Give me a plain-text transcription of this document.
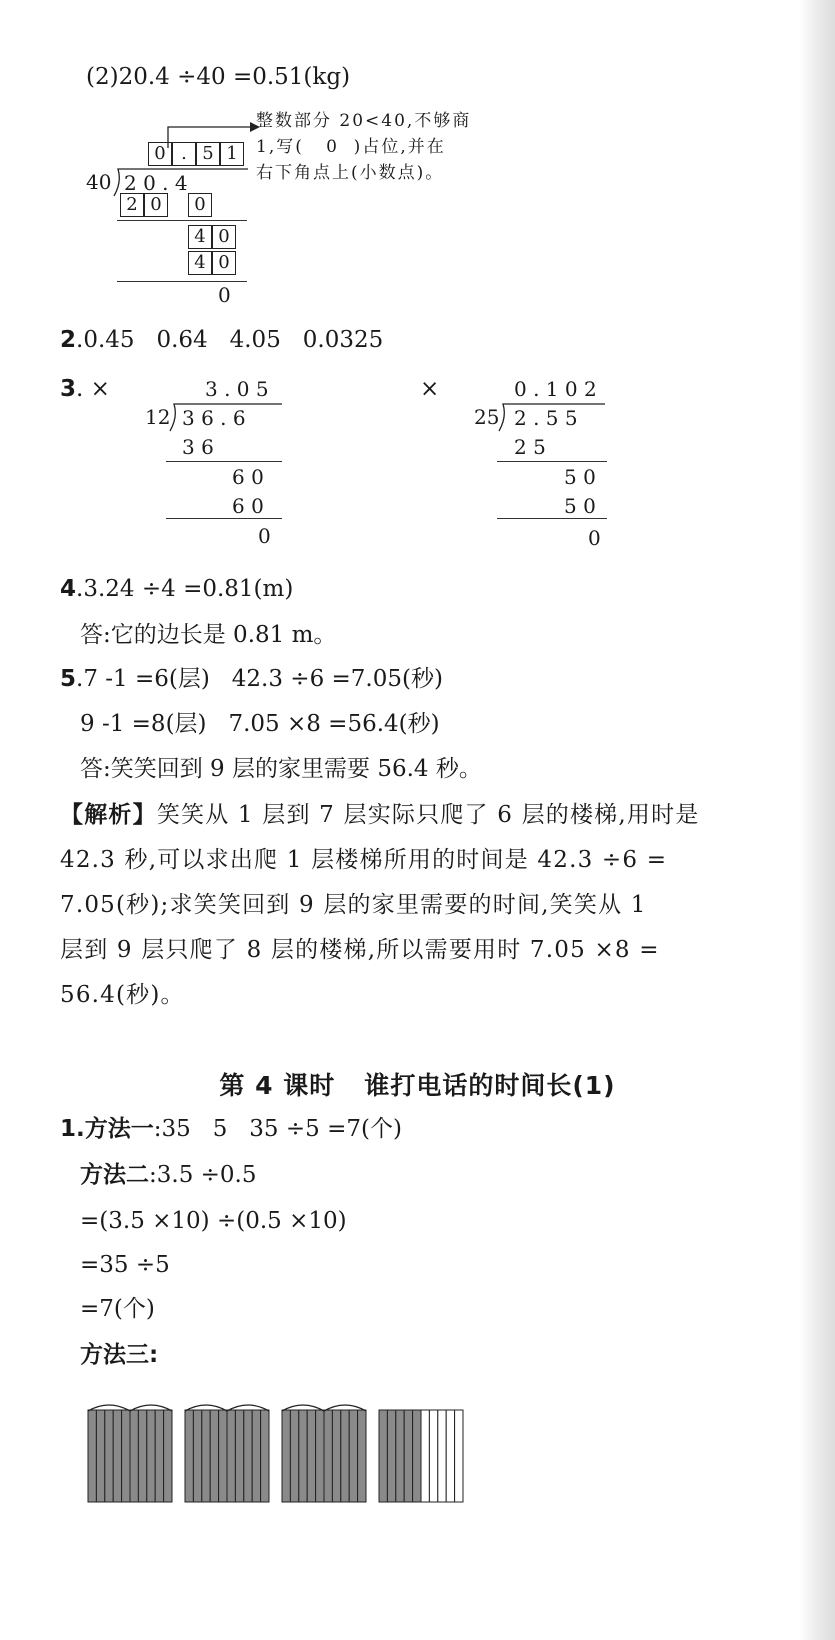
(2)20.4 ÷40 =0.51(kg)
整数部分 20<40,不够商
1,写(   0  )占位,并在
右下角点上(小数点)。
0 . 5 1
40 2 0 . 4
2 0	0
4 0
4 0
0
2.0.45   0.64   4.05   0.0325
3. ×	3 . 0 5
12 3 6 . 6
3 6
6 0
6 0
0
×	0 . 1 0 2
25 2 . 5 5
2 5
5 0
5 0
0
4.3.24 ÷4 =0.81(m)
答:它的边长是 0.81 m。
5.7 -1 =6(层)   42.3 ÷6 =7.05(秒)
9 -1 =8(层)   7.05 ×8 =56.4(秒)
答:笑笑回到 9 层的家里需要 56.4 秒。
【解析】笑笑从 1 层到 7 层实际只爬了 6 层的楼梯,用时是
42.3 秒,可以求出爬 1 层楼梯所用的时间是 42.3 ÷6 =
7.05(秒);求笑笑回到 9 层的家里需要的时间,笑笑从 1
层到 9 层只爬了 8 层的楼梯,所以需要用时 7.05 ×8 =
56.4(秒)。
第 4 课时   谁打电话的时间长(1)
1.方法一:35   5   35 ÷5 =7(个)
方法二:3.5 ÷0.5
=(3.5 ×10) ÷(0.5 ×10)
=35 ÷5
=7(个)
方法三:
